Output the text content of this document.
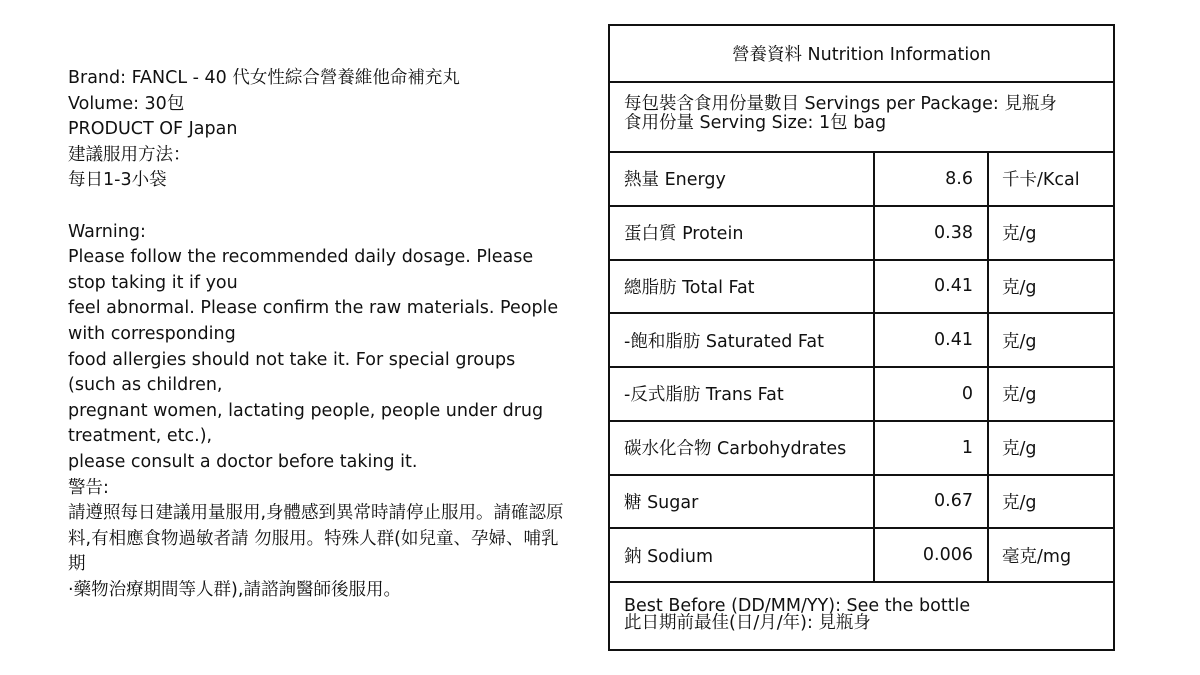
Brand: FANCL - 40 代女性綜合營養維他命補充丸

Volume: 30包

PRODUCT OF Japan

建議服用方法：

每日1-3小袋

Warning:

Please follow the recommended daily dosage. Please stop taking it if you

feel abnormal. Please confirm the raw materials. People with corresponding

food allergies should not take it. For special groups (such as children,

pregnant women, lactating people, people under drug treatment, etc.),

please consult a doctor before taking it.

警告:

請遵照每日建議用量服用,身體感到異常時請停止服用。請確認原

料,有相應食物過敏者請 勿服用。特殊人群(如兒童、孕婦、哺乳期

·藥物治療期間等人群),請諮詢醫師後服用。

營養資料 Nutrition Information
每包裝含食用份量數目 Servings per Package: 見瓶身
食用份量 Serving Size: 1包 bag
熱量 Energy	8.6	千卡/Kcal
蛋白質 Protein	0.38	克/g
總脂肪 Total Fat	0.41	克/g
-飽和脂肪 Saturated Fat	0.41	克/g
-反式脂肪 Trans Fat	0	克/g
碳水化合物 Carbohydrates	1	克/g
糖 Sugar	0.67	克/g
鈉 Sodium	0.006	毫克/mg
Best Before (DD/MM/YY): See the bottle
此日期前最佳(日/月/年): 見瓶身
